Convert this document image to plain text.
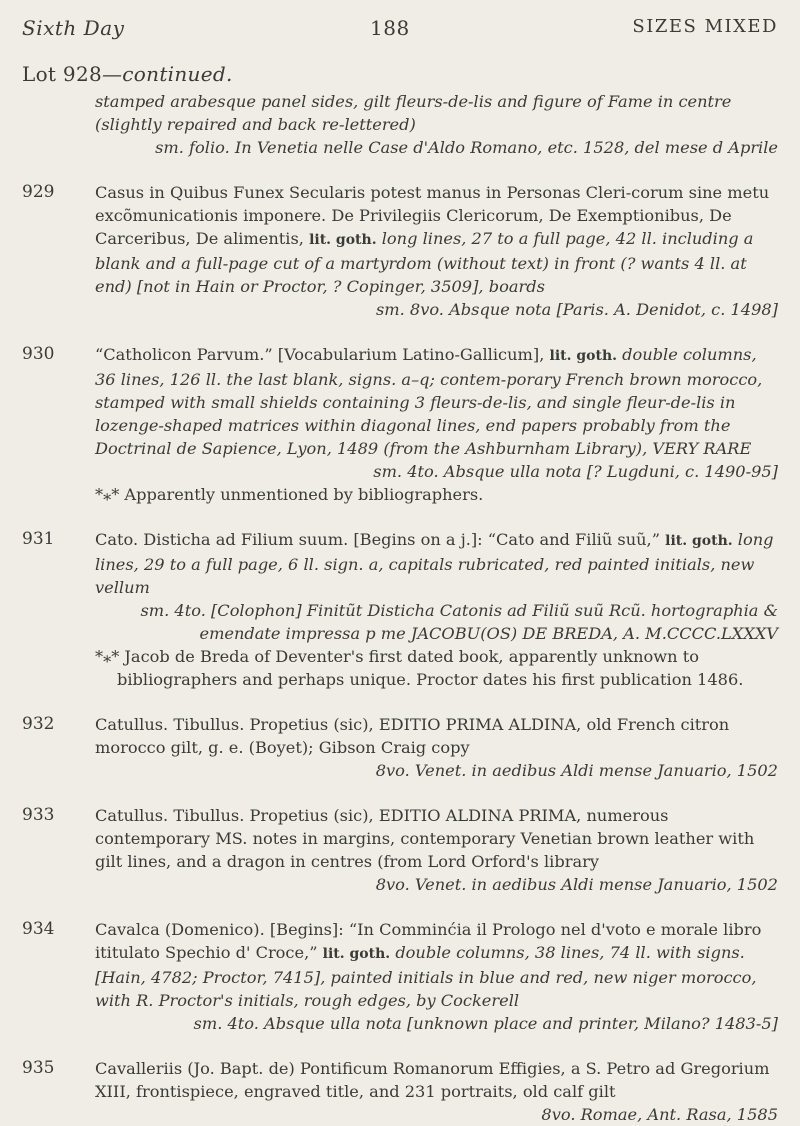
Sixth Day	188	SIZES MIXED
Lot 928—continued.

stamped arabesque panel sides, gilt fleurs-de-lis and figure of Fame in centre (slightly repaired and back re-lettered)

sm. folio. In Venetia nelle Case d'Aldo Romano, etc. 1528, del mese d Aprile

929	Casus in Quibus Funex Secularis potest manus in Personas Cleri-corum sine metu excõmunicationis imponere. De Privilegiis Clericorum, De Exemptionibus, De Carceribus, De alimentis, lit. goth. long lines, 27 to a full page, 42 ll. including a blank and a full-page cut of a martyrdom (without text) in front (? wants 4 ll. at end) [not in Hain or Proctor, ? Copinger, 3509], boards

sm. 8vo. Absque nota [Paris. A. Denidot, c. 1498]

930	“Catholicon Parvum.” [Vocabularium Latino-Gallicum], lit. goth. double columns, 36 lines, 126 ll. the last blank, signs. a–q; contem-porary French brown morocco, stamped with small shields containing 3 fleurs-de-lis, and single fleur-de-lis in lozenge-shaped matrices within diagonal lines, end papers probably from the Doctrinal de Sapience, Lyon, 1489 (from the Ashburnham Library), VERY RARE

sm. 4to. Absque ulla nota [? Lugduni, c. 1490-95]

*⁎* Apparently unmentioned by bibliographers.

931	Cato. Disticha ad Filium suum. [Begins on a j.]: “Cato and Filiũ suũ,” lit. goth. long lines, 29 to a full page, 6 ll. sign. a, capitals rubricated, red painted initials, new vellum

sm. 4to. [Colophon] Finitũt Disticha Catonis ad Filiũ suũ Rcũ. hortographia & emendate impressa p me JACOBU(OS) DE BREDA, A. M.CCCC.LXXXV

*⁎* Jacob de Breda of Deventer's first dated book, apparently unknown to bibliographers and perhaps unique. Proctor dates his first publication 1486.

932	Catullus. Tibullus. Propetius (sic), EDITIO PRIMA ALDINA, old French citron morocco gilt, g. e. (Boyet); Gibson Craig copy

8vo. Venet. in aedibus Aldi mense Januario, 1502

933	Catullus. Tibullus. Propetius (sic), EDITIO ALDINA PRIMA, numerous contemporary MS. notes in margins, contemporary Venetian brown leather with gilt lines, and a dragon in centres (from Lord Orford's library

8vo. Venet. in aedibus Aldi mense Januario, 1502

934	Cavalca (Domenico). [Begins]: “In Comminćia il Prologo nel d'voto e morale libro ititulato Spechio d' Croce,” lit. goth. double columns, 38 lines, 74 ll. with signs. [Hain, 4782; Proctor, 7415], painted initials in blue and red, new niger morocco, with R. Proctor's initials, rough edges, by Cockerell

sm. 4to. Absque ulla nota [unknown place and printer, Milano? 1483-5]

935	Cavalleriis (Jo. Bapt. de) Pontificum Romanorum Effigies, a S. Petro ad Gregorium XIII, frontispiece, engraved title, and 231 portraits, old calf gilt

8vo. Romae, Ant. Rasa, 1585
